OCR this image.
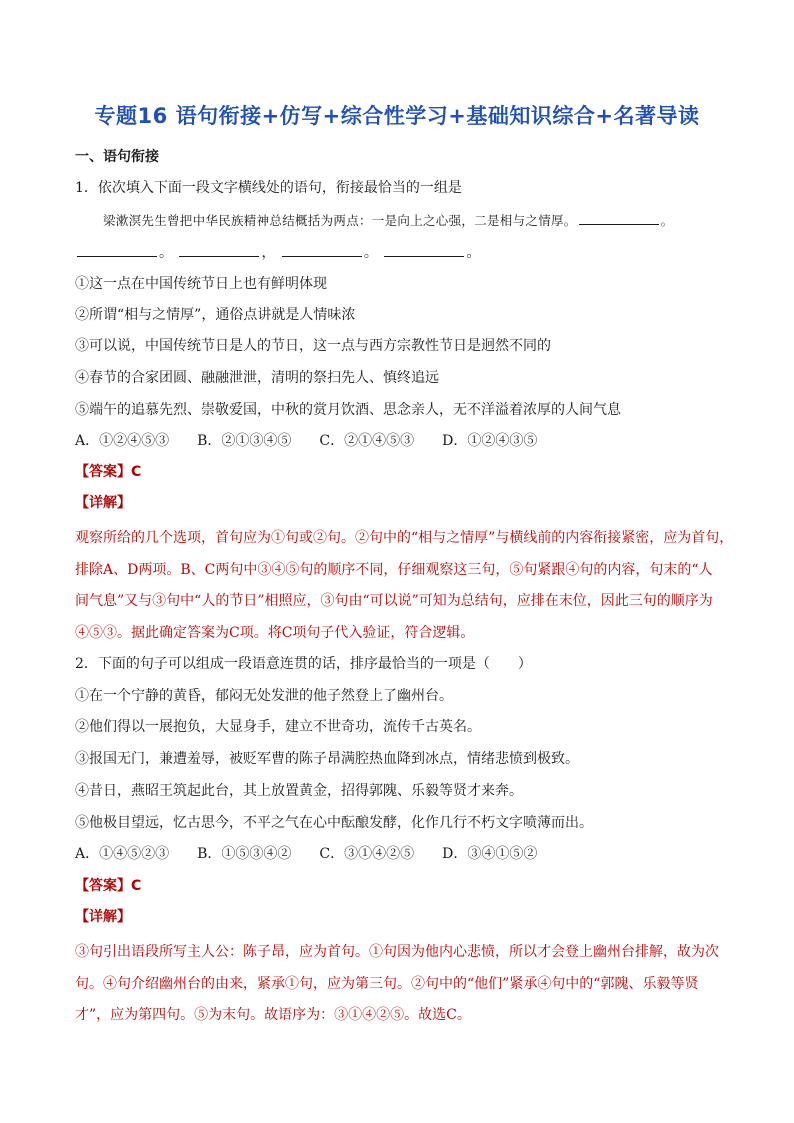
专题16 语句衔接+仿写+综合性学习+基础知识综合+名著导读
一、语句衔接
1．依次填入下面一段文字横线处的语句，衔接最恰当的一组是
梁漱溟先生曾把中华民族精神总结概括为两点：一是向上之心强，二是相与之情厚。	。
。	，	。	。
①这一点在中国传统节日上也有鲜明体现
②所谓“相与之情厚”，通俗点讲就是人情味浓
③可以说，中国传统节日是人的节日，这一点与西方宗教性节日是迥然不同的
④春节的合家团圆、融融泄泄，清明的祭扫先人、慎终追远
⑤端午的追慕先烈、崇敬爱国，中秋的赏月饮酒、思念亲人，无不洋溢着浓厚的人间气息
A．①②④⑤③ B．②①③④⑤ C．②①④⑤③ D．①②④③⑤
【答案】C
【详解】
观察所给的几个选项，首句应为①句或②句。②句中的“相与之情厚”与横线前的内容衔接紧密，应为首句，
排除A、D两项。B、C两句中③④⑤句的顺序不同，仔细观察这三句，⑤句紧跟④句的内容，句末的“人
间气息”又与③句中“人的节日”相照应，③句由“可以说”可知为总结句，应排在末位，因此三句的顺序为
④⑤③。据此确定答案为C项。将C项句子代入验证，符合逻辑。
2．下面的句子可以组成一段语意连贯的话，排序最恰当的一项是（　　）
①在一个宁静的黄昏，郁闷无处发泄的他子然登上了幽州台。
②他们得以一展抱负，大显身手，建立不世奇功，流传千古英名。
③报国无门，兼遭羞辱，被贬军曹的陈子昂满腔热血降到冰点，情绪悲愤到极致。
④昔日，燕昭王筑起此台，其上放置黄金，招得郭隗、乐毅等贤才来奔。
⑤他极目望远，忆古思今，不平之气在心中酝酿发酵，化作几行不朽文字喷薄而出。
A．①④⑤②③ B．①⑤③④② C．③①④②⑤ D．③④①⑤②
【答案】C
【详解】
③句引出语段所写主人公：陈子昂，应为首句。①句因为他内心悲愤，所以才会登上幽州台排解，故为次
句。④句介绍幽州台的由来，紧承①句，应为第三句。②句中的“他们”紧承④句中的“郭隗、乐毅等贤
才”，应为第四句。⑤为末句。故语序为：③①④②⑤。故选C。
